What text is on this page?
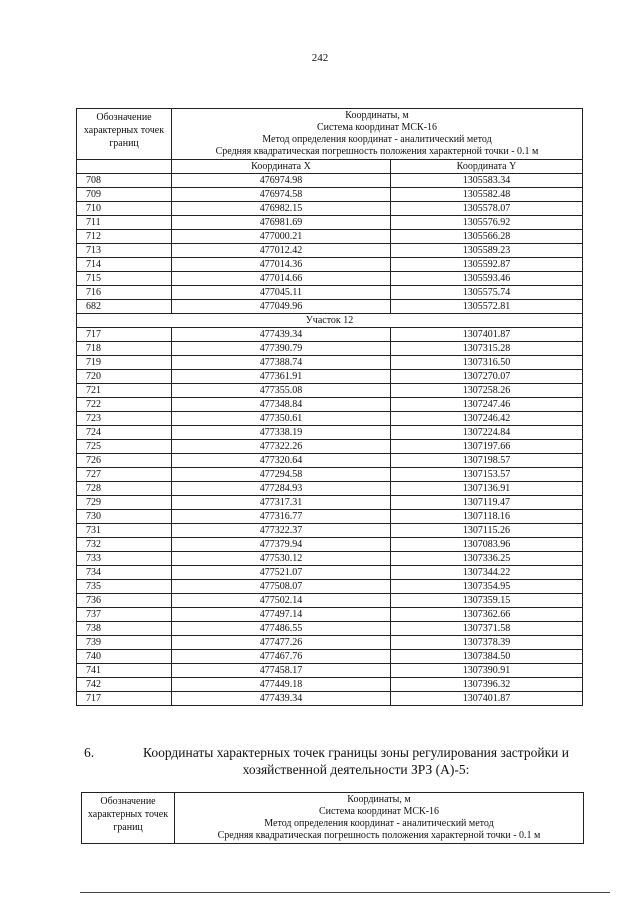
242
Обозначение характерных точек границ	Координаты, м
Система координат МСК-16
Метод определения координат - аналитический метод
Средняя квадратическая погрешность положения характерной точки - 0.1 м	

	Координата X	Координата Y
708	476974.98	1305583.34
709	476974.58	1305582.48
710	476982.15	1305578.07
711	476981.69	1305576.92
712	477000.21	1305566.28
713	477012.42	1305589.23
714	477014.36	1305592.87
715	477014.66	1305593.46
716	477045.11	1305575.74
682	477049.96	1305572.81
Участок 12		
717	477439.34	1307401.87
718	477390.79	1307315.28
719	477388.74	1307316.50
720	477361.91	1307270.07
721	477355.08	1307258.26
722	477348.84	1307247.46
723	477350.61	1307246.42
724	477338.19	1307224.84
725	477322.26	1307197.66
726	477320.64	1307198.57
727	477294.58	1307153.57
728	477284.93	1307136.91
729	477317.31	1307119.47
730	477316.77	1307118.16
731	477322.37	1307115.26
732	477379.94	1307083.96
733	477530.12	1307336.25
734	477521.07	1307344.22
735	477508.07	1307354.95
736	477502.14	1307359.15
737	477497.14	1307362.66
738	477486.55	1307371.58
739	477477.26	1307378.39
740	477467.76	1307384.50
741	477458.17	1307390.91
742	477449.18	1307396.32
717	477439.34	1307401.87
6.	Координаты характерных точек границы зоны регулирования застройки и хозяйственной деятельности ЗРЗ (А)-5:
Обозначение характерных точек границ	
Координаты, м
Система координат МСК-16
Метод определения координат - аналитический метод
Средняя квадратическая погрешность положения характерной точки - 0.1 м
